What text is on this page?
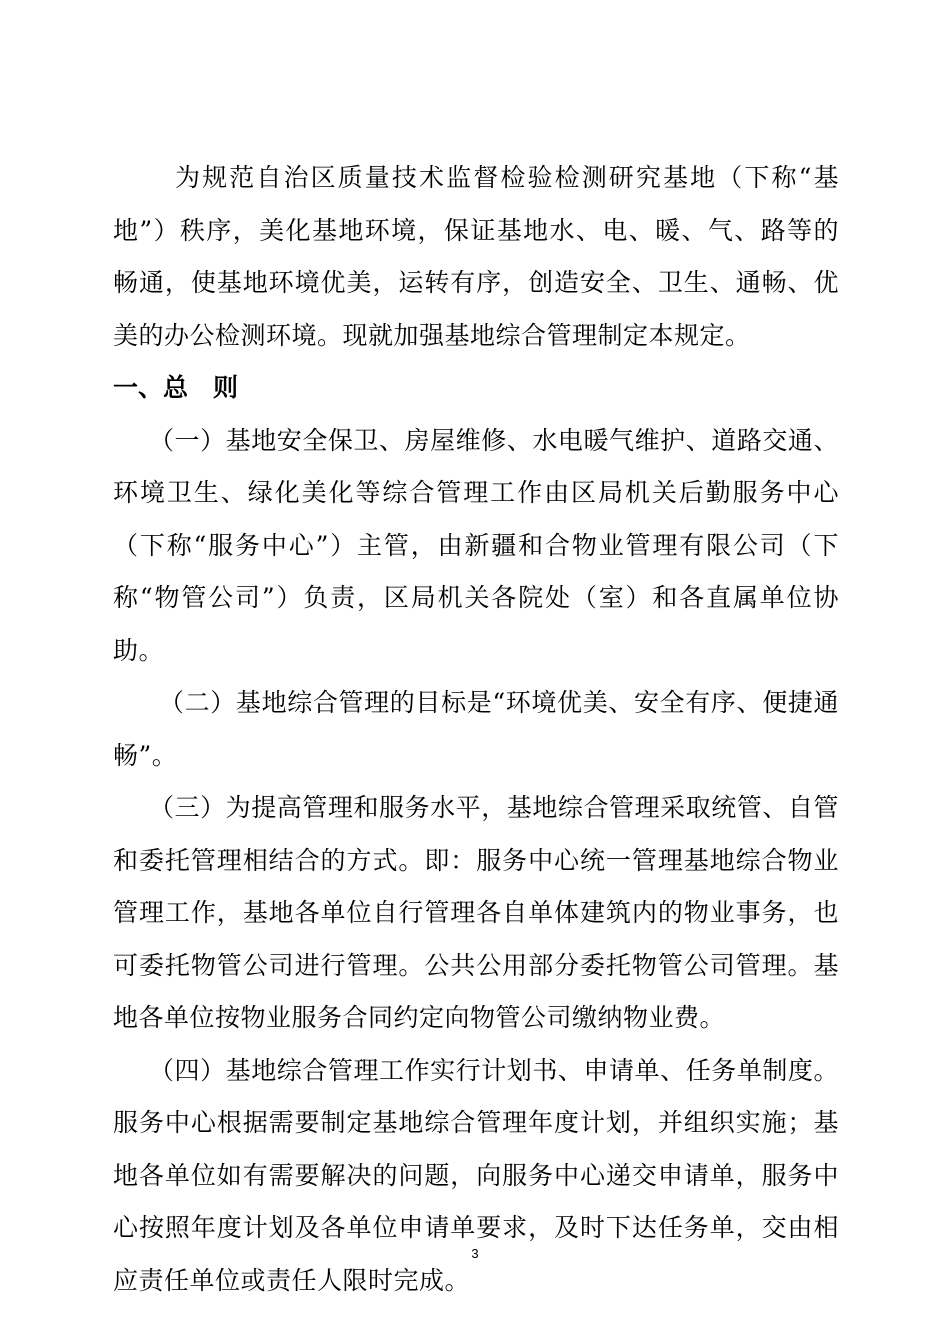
为规范自治区质量技术监督检验检测研究基地（下称“基地”）秩序，美化基地环境，保证基地水、电、暖、气、路等的畅通，使基地环境优美，运转有序，创造安全、卫生、通畅、优美的办公检测环境。现就加强基地综合管理制定本规定。

一、总　则

（一）基地安全保卫、房屋维修、水电暖气维护、道路交通、环境卫生、绿化美化等综合管理工作由区局机关后勤服务中心（下称“服务中心”）主管，由新疆和合物业管理有限公司（下称“物管公司”）负责，区局机关各院处（室）和各直属单位协助。

（二）基地综合管理的目标是“环境优美、安全有序、便捷通畅”。

（三）为提高管理和服务水平，基地综合管理采取统管、自管和委托管理相结合的方式。即：服务中心统一管理基地综合物业管理工作，基地各单位自行管理各自单体建筑内的物业事务，也可委托物管公司进行管理。公共公用部分委托物管公司管理。基地各单位按物业服务合同约定向物管公司缴纳物业费。

（四）基地综合管理工作实行计划书、申请单、任务单制度。服务中心根据需要制定基地综合管理年度计划，并组织实施；基地各单位如有需要解决的问题，向服务中心递交申请单，服务中心按照年度计划及各单位申请单要求，及时下达任务单，交由相应责任单位或责任人限时完成。

3
